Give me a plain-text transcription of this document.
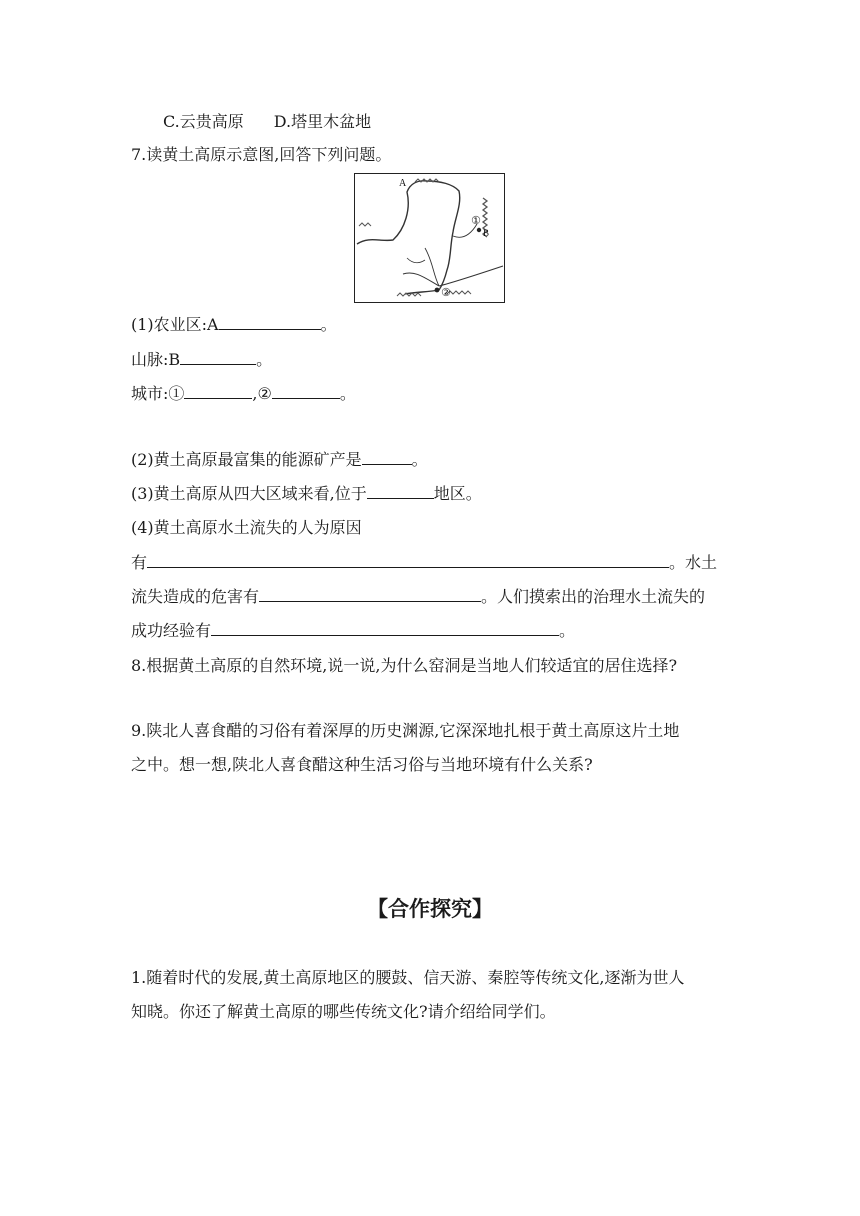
C.云贵高原 D.塔里木盆地
7.读黄土高原示意图,回答下列问题。
A
①
B
②
(1)农业区:A	。
山脉:B	。
城市:①	,②	。
(2)黄土高原最富集的能源矿产是	。
(3)黄土高原从四大区域来看,位于	地区。
(4)黄土高原水土流失的人为原因
有	。水土
流失造成的危害有	。人们摸索出的治理水土流失的
成功经验有	。
8.根据黄土高原的自然环境,说一说,为什么窑洞是当地人们较适宜的居住选择?
9.陕北人喜食醋的习俗有着深厚的历史渊源,它深深地扎根于黄土高原这片土地
之中。想一想,陕北人喜食醋这种生活习俗与当地环境有什么关系?
【合作探究】
1.随着时代的发展,黄土高原地区的腰鼓、信天游、秦腔等传统文化,逐渐为世人
知晓。你还了解黄土高原的哪些传统文化?请介绍给同学们。
